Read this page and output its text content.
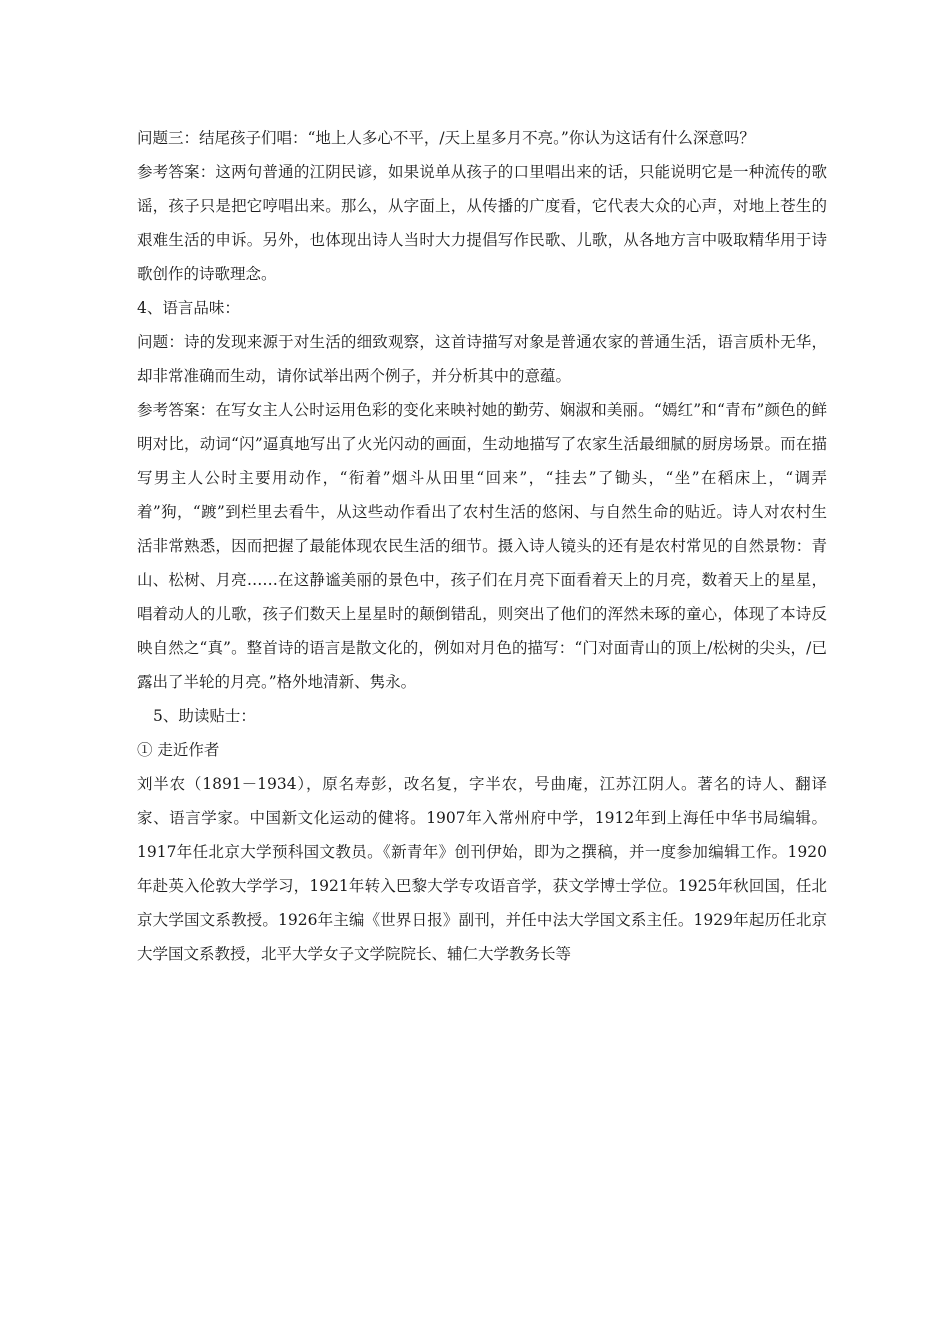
问题三：结尾孩子们唱：“地上人多心不平，/天上星多月不亮。”你认为这话有什么深意吗？

参考答案：这两句普通的江阴民谚，如果说单从孩子的口里唱出来的话，只能说明它是一种流传的歌谣，孩子只是把它哼唱出来。那么，从字面上，从传播的广度看，它代表大众的心声，对地上苍生的艰难生活的申诉。另外，也体现出诗人当时大力提倡写作民歌、儿歌，从各地方言中吸取精华用于诗歌创作的诗歌理念。

4、语言品味：

问题：诗的发现来源于对生活的细致观察，这首诗描写对象是普通农家的普通生活，语言质朴无华，却非常准确而生动，请你试举出两个例子，并分析其中的意蕴。

参考答案：在写女主人公时运用色彩的变化来映衬她的勤劳、娴淑和美丽。“嫣红”和“青布”颜色的鲜明对比，动词“闪”逼真地写出了火光闪动的画面，生动地描写了农家生活最细腻的厨房场景。而在描写男主人公时主要用动作，“衔着”烟斗从田里“回来”，“挂去”了锄头，“坐”在稻床上，“调弄着”狗，“踱”到栏里去看牛，从这些动作看出了农村生活的悠闲、与自然生命的贴近。诗人对农村生活非常熟悉，因而把握了最能体现农民生活的细节。摄入诗人镜头的还有是农村常见的自然景物：青山、松树、月亮……在这静谧美丽的景色中，孩子们在月亮下面看着天上的月亮，数着天上的星星，唱着动人的儿歌，孩子们数天上星星时的颠倒错乱，则突出了他们的浑然未琢的童心，体现了本诗反映自然之“真”。整首诗的语言是散文化的，例如对月色的描写：“门对面青山的顶上/松树的尖头，/已露出了半轮的月亮。”格外地清新、隽永。

5、助读贴士：

① 走近作者

刘半农（1891－1934），原名寿彭，改名复，字半农，号曲庵，江苏江阴人。著名的诗人、翻译家、语言学家。中国新文化运动的健将。1907年入常州府中学，1912年到上海任中华书局编辑。1917年任北京大学预科国文教员。《新青年》创刊伊始，即为之撰稿，并一度参加编辑工作。1920年赴英入伦敦大学学习，1921年转入巴黎大学专攻语音学，获文学博士学位。1925年秋回国，任北京大学国文系教授。1926年主编《世界日报》副刊，并任中法大学国文系主任。1929年起历任北京大学国文系教授，北平大学女子文学院院长、辅仁大学教务长等
